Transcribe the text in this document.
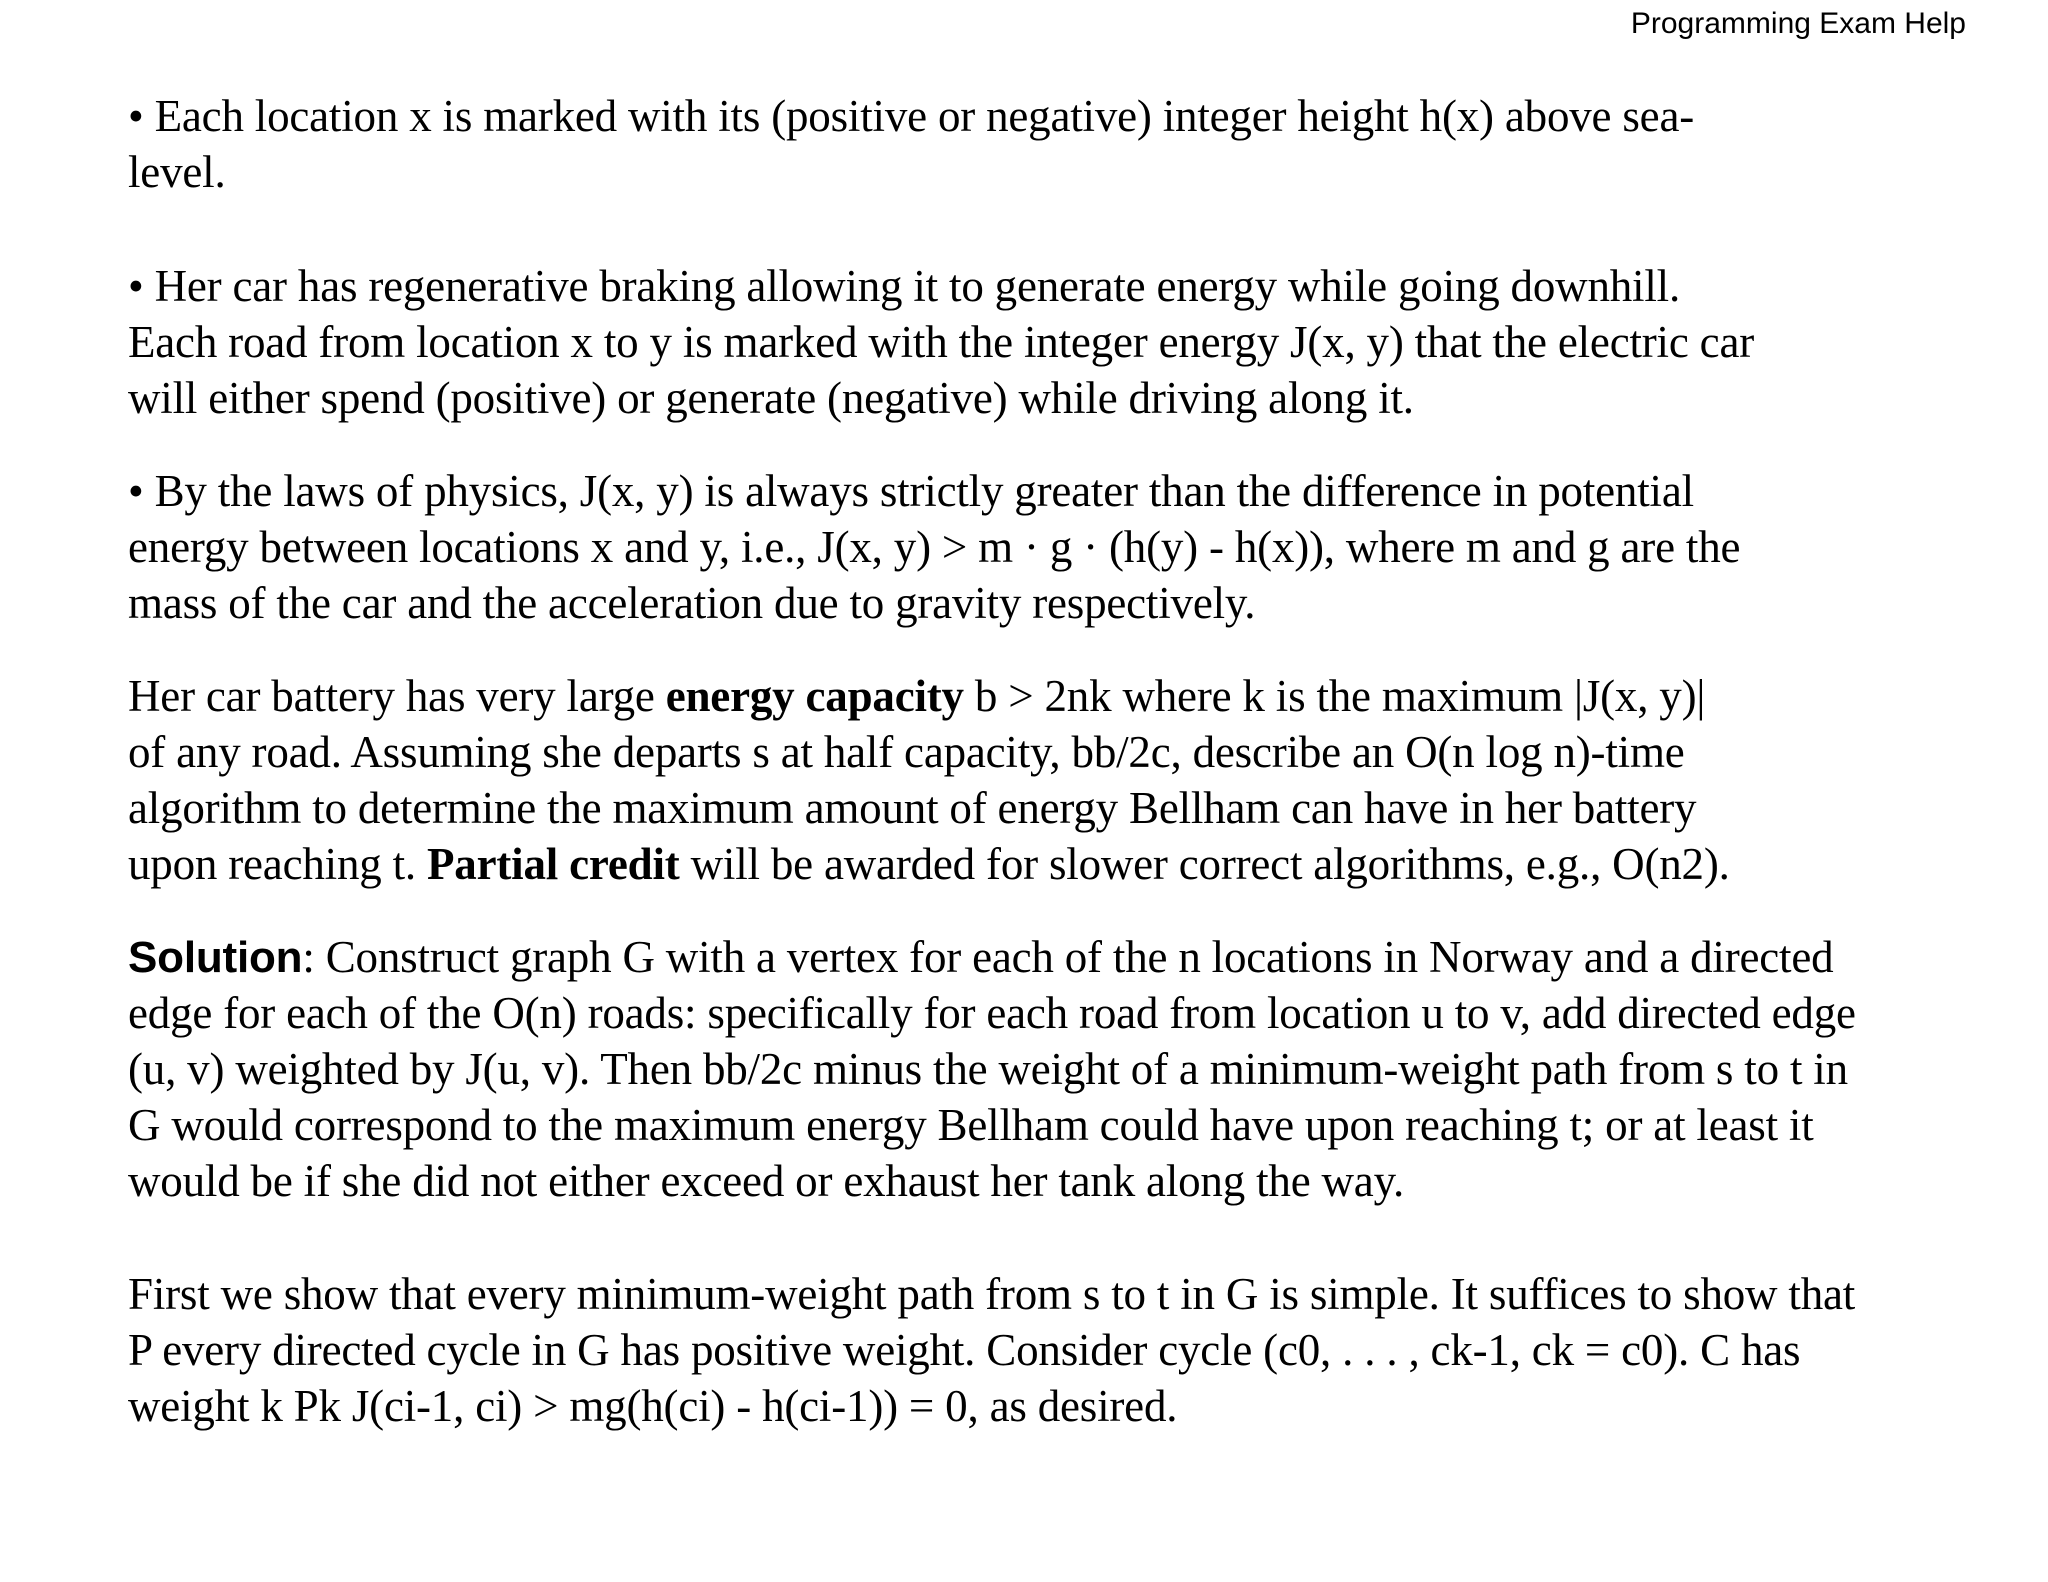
Programming Exam Help
• Each location x is marked with its (positive or negative) integer height h(x) above sea-
level.
• Her car has regenerative braking allowing it to generate energy while going downhill.
Each road from location x to y is marked with the integer energy J(x, y) that the electric car
will either spend (positive) or generate (negative) while driving along it.
• By the laws of physics, J(x, y) is always strictly greater than the difference in potential
energy between locations x and y, i.e., J(x, y) > m · g · (h(y) - h(x)), where m and g are the
mass of the car and the acceleration due to gravity respectively.
Her car battery has very large energy capacity b > 2nk where k is the maximum |J(x, y)|
of any road. Assuming she departs s at half capacity, bb/2c, describe an O(n log n)-time
algorithm to determine the maximum amount of energy Bellham can have in her battery
upon reaching t. Partial credit will be awarded for slower correct algorithms, e.g., O(n2).
Solution: Construct graph G with a vertex for each of the n locations in Norway and a directed
edge for each of the O(n) roads: specifically for each road from location u to v, add directed edge
(u, v) weighted by J(u, v). Then bb/2c minus the weight of a minimum-weight path from s to t in
G would correspond to the maximum energy Bellham could have upon reaching t; or at least it
would be if she did not either exceed or exhaust her tank along the way.
First we show that every minimum-weight path from s to t in G is simple. It suffices to show that
P every directed cycle in G has positive weight. Consider cycle (c0, . . . , ck-1, ck = c0). C has
weight k Pk J(ci-1, ci) > mg(h(ci) - h(ci-1)) = 0, as desired.
